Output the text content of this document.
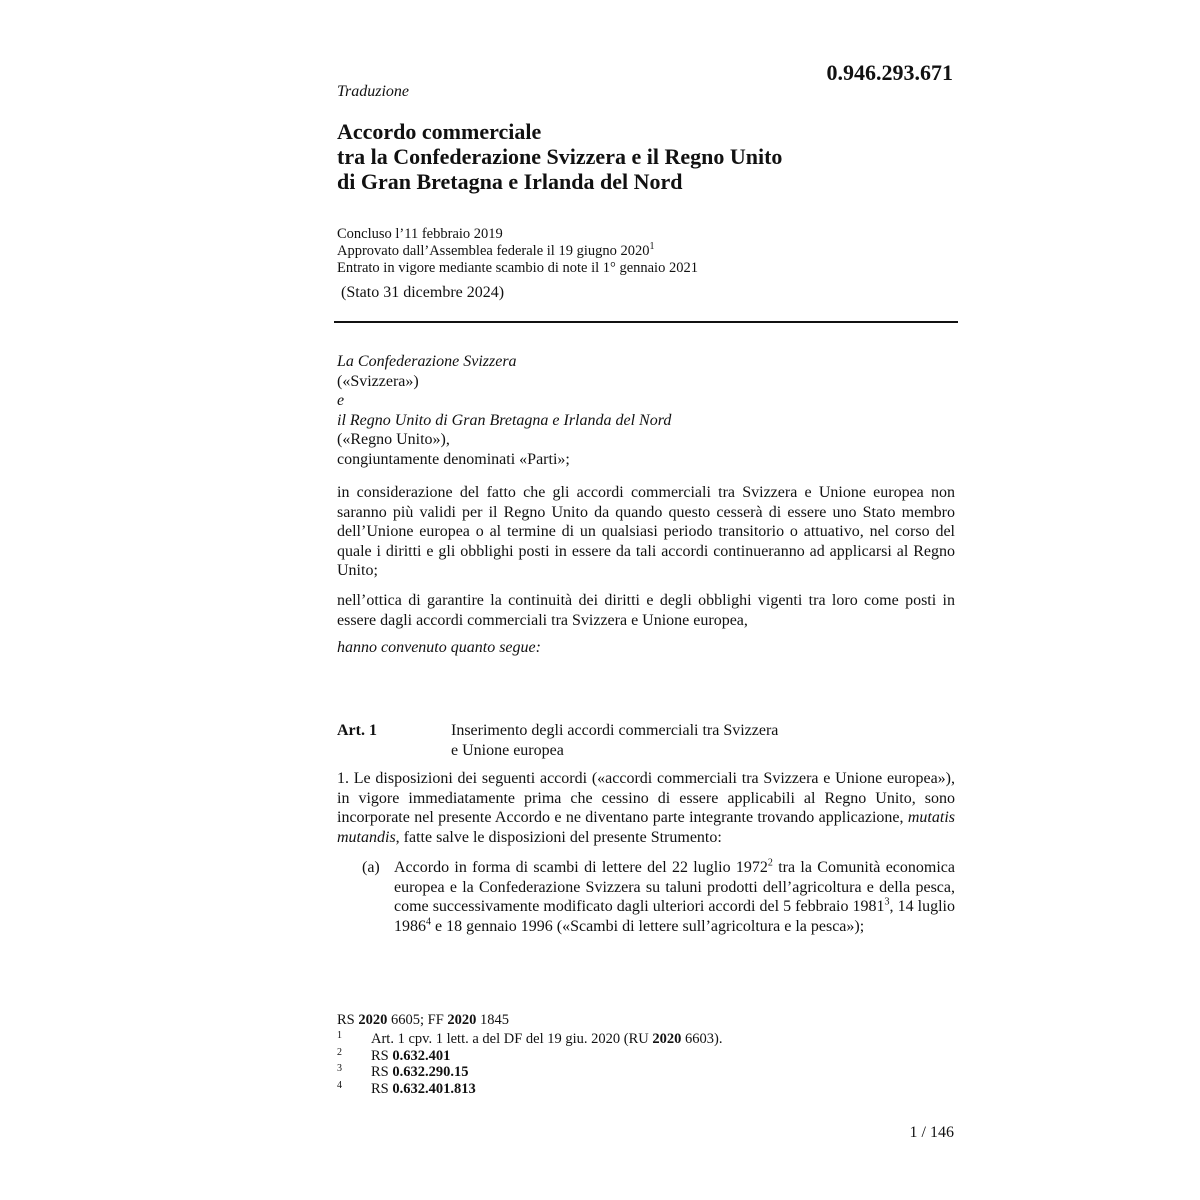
0.946.293.671
Traduzione
Accordo commerciale
tra la Confederazione Svizzera e il Regno Unito
di Gran Bretagna e Irlanda del Nord
Concluso l’11 febbraio 2019
Approvato dall’Assemblea federale il 19 giugno 2020$^1$
Entrato in vigore mediante scambio di note il 1° gennaio 2021
(Stato 31 dicembre 2024)
La Confederazione Svizzera
(«Svizzera»)
e
il Regno Unito di Gran Bretagna e Irlanda del Nord
(«Regno Unito»),
congiuntamente denominati «Parti»;
in considerazione del fatto che gli accordi commerciali tra Svizzera e Unione europea non saranno più validi per il Regno Unito da quando questo cesserà di essere uno Stato membro dell’Unione europea o al termine di un qualsiasi periodo transitorio o attuativo, nel corso del quale i diritti e gli obblighi posti in essere da tali accordi continueranno ad applicarsi al Regno Unito;
nell’ottica di garantire la continuità dei diritti e degli obblighi vigenti tra loro come posti in essere dagli accordi commerciali tra Svizzera e Unione europea,
hanno convenuto quanto segue:
Art. 1	Inserimento degli accordi commerciali tra Svizzera
e Unione europea
1. Le disposizioni dei seguenti accordi («accordi commerciali tra Svizzera e Unione europea»), in vigore immediatamente prima che cessino di essere applicabili al Regno Unito, sono incorporate nel presente Accordo e ne diventano parte integrante trovando applicazione, mutatis mutandis, fatte salve le disposizioni del presente Strumento:
(a) Accordo in forma di scambi di lettere del 22 luglio 1972$^2$ tra la Comunità economica europea e la Confederazione Svizzera su taluni prodotti dell’agricoltura e della pesca, come successivamente modificato dagli ulteriori accordi del 5 febbraio 1981$^3$, 14 luglio 1986$^4$ e 18 gennaio 1996 («Scambi di lettere sull’agricoltura e la pesca»);
RS 2020 6605; FF 2020 1845
1 Art. 1 cpv. 1 lett. a del DF del 19 giu. 2020 (RU 2020 6603).
2 RS 0.632.401
3 RS 0.632.290.15
4 RS 0.632.401.813
1 / 146
